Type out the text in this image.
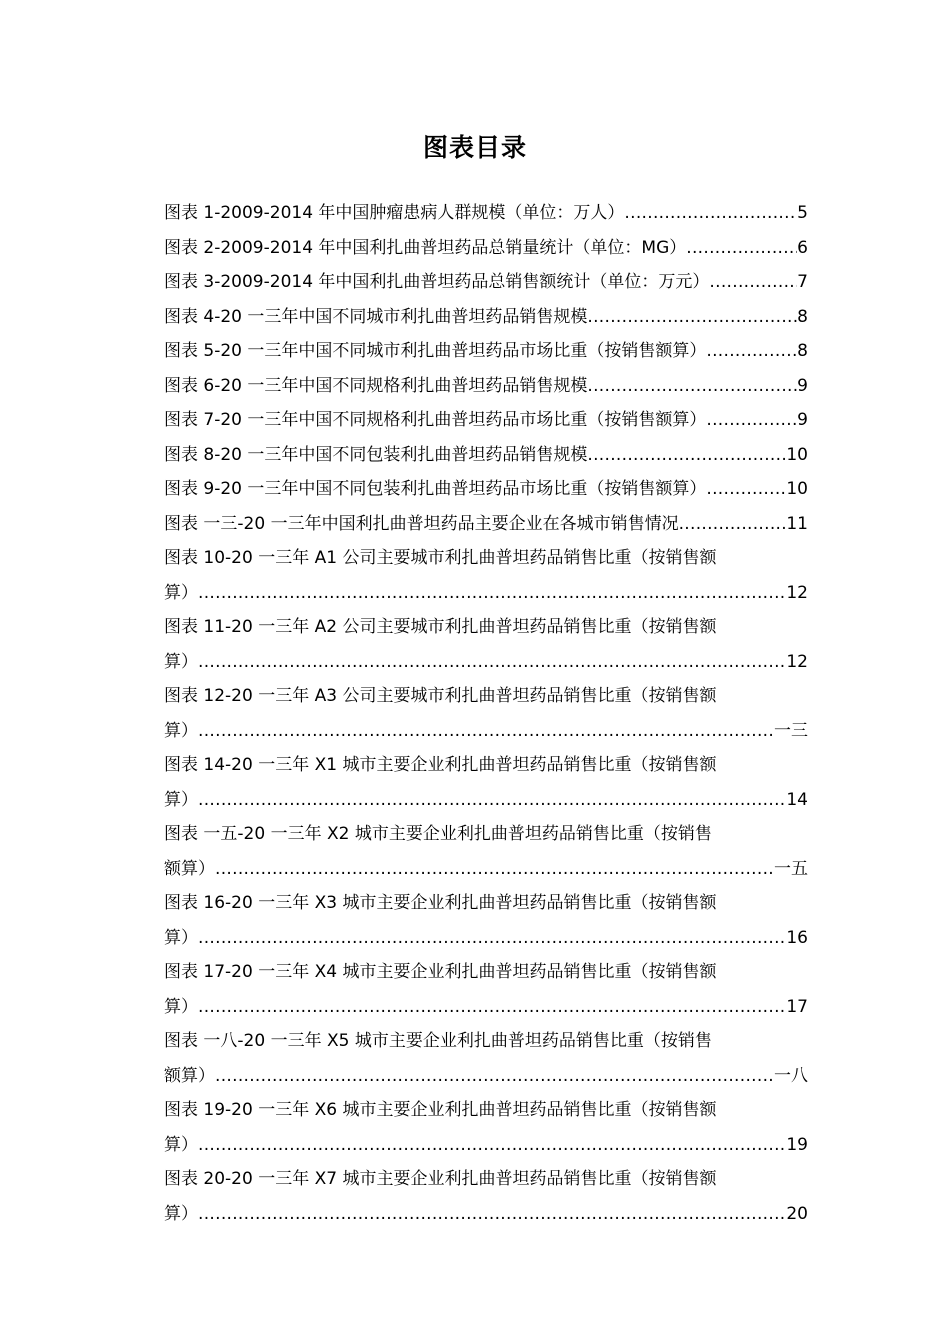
图表目录
图表 1-2009-2014 年中国肿瘤患病人群规模（单位：万人） .....	5
图表 2-2009-2014 年中国利扎曲普坦药品总销量统计（单位：MG） .....	6
图表 3-2009-2014 年中国利扎曲普坦药品总销售额统计（单位：万元） .....	7
图表 4-20 一三年中国不同城市利扎曲普坦药品销售规模 .....	8
图表 5-20 一三年中国不同城市利扎曲普坦药品市场比重（按销售额算） .....	8
图表 6-20 一三年中国不同规格利扎曲普坦药品销售规模 .....	9
图表 7-20 一三年中国不同规格利扎曲普坦药品市场比重（按销售额算） .....	9
图表 8-20 一三年中国不同包装利扎曲普坦药品销售规模 .....	10
图表 9-20 一三年中国不同包装利扎曲普坦药品市场比重（按销售额算） .....	10
图表 一三-20 一三年中国利扎曲普坦药品主要企业在各城市销售情况 .....	11
图表 10-20 一三年 A1 公司主要城市利扎曲普坦药品销售比重（按销售额
算） .....	12
图表 11-20 一三年 A2 公司主要城市利扎曲普坦药品销售比重（按销售额
算） .....	12
图表 12-20 一三年 A3 公司主要城市利扎曲普坦药品销售比重（按销售额
算） .....	一三
图表 14-20 一三年 X1 城市主要企业利扎曲普坦药品销售比重（按销售额
算） .....	14
图表 一五-20 一三年 X2 城市主要企业利扎曲普坦药品销售比重（按销售
额算） .....	一五
图表 16-20 一三年 X3 城市主要企业利扎曲普坦药品销售比重（按销售额
算） .....	16
图表 17-20 一三年 X4 城市主要企业利扎曲普坦药品销售比重（按销售额
算） .....	17
图表 一八-20 一三年 X5 城市主要企业利扎曲普坦药品销售比重（按销售
额算） .....	一八
图表 19-20 一三年 X6 城市主要企业利扎曲普坦药品销售比重（按销售额
算） .....	19
图表 20-20 一三年 X7 城市主要企业利扎曲普坦药品销售比重（按销售额
算） .....	20
